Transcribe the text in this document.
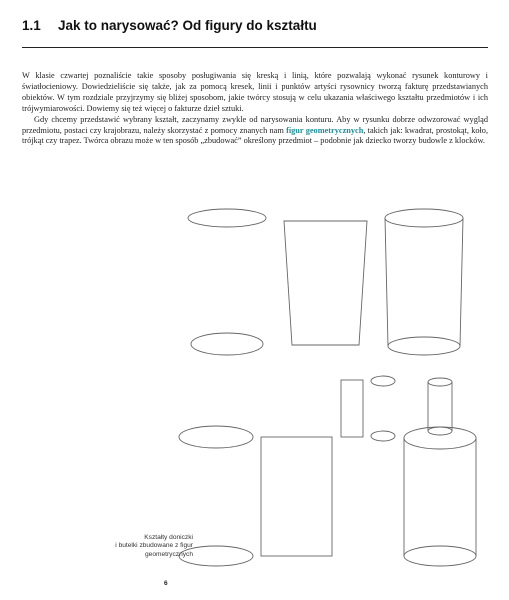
1.1	Jak to narysować? Od figury do kształtu

W klasie czwartej poznaliście takie sposoby posługiwania się kreską i linią, które pozwalają wykonać rysunek konturowy i światłocieniowy. Dowiedzieliście się także, jak za pomocą kresek, linii i punktów artyści rysownicy tworzą fakturę przedstawianych obiektów. W tym rozdziale przyjrzymy się bliżej sposobom, jakie twórcy stosują w celu ukazania właściwego kształtu przedmiotów i ich trójwymiarowości. Dowiemy się też więcej o fakturze dzieł sztuki.

Gdy chcemy przedstawić wybrany kształt, zaczynamy zwykle od narysowania konturu. Aby w rysunku dobrze odwzorować wygląd przedmiotu, postaci czy krajobrazu, należy skorzystać z pomocy znanych nam figur geometrycznych, takich jak: kwadrat, prostokąt, koło, trójkąt czy trapez. Twórca obrazu może w ten sposób „zbudować” określony przedmiot – podobnie jak dziecko tworzy budowle z klocków.

Kształty doniczki
i butelki zbudowane z figur
geometrycznych
6
